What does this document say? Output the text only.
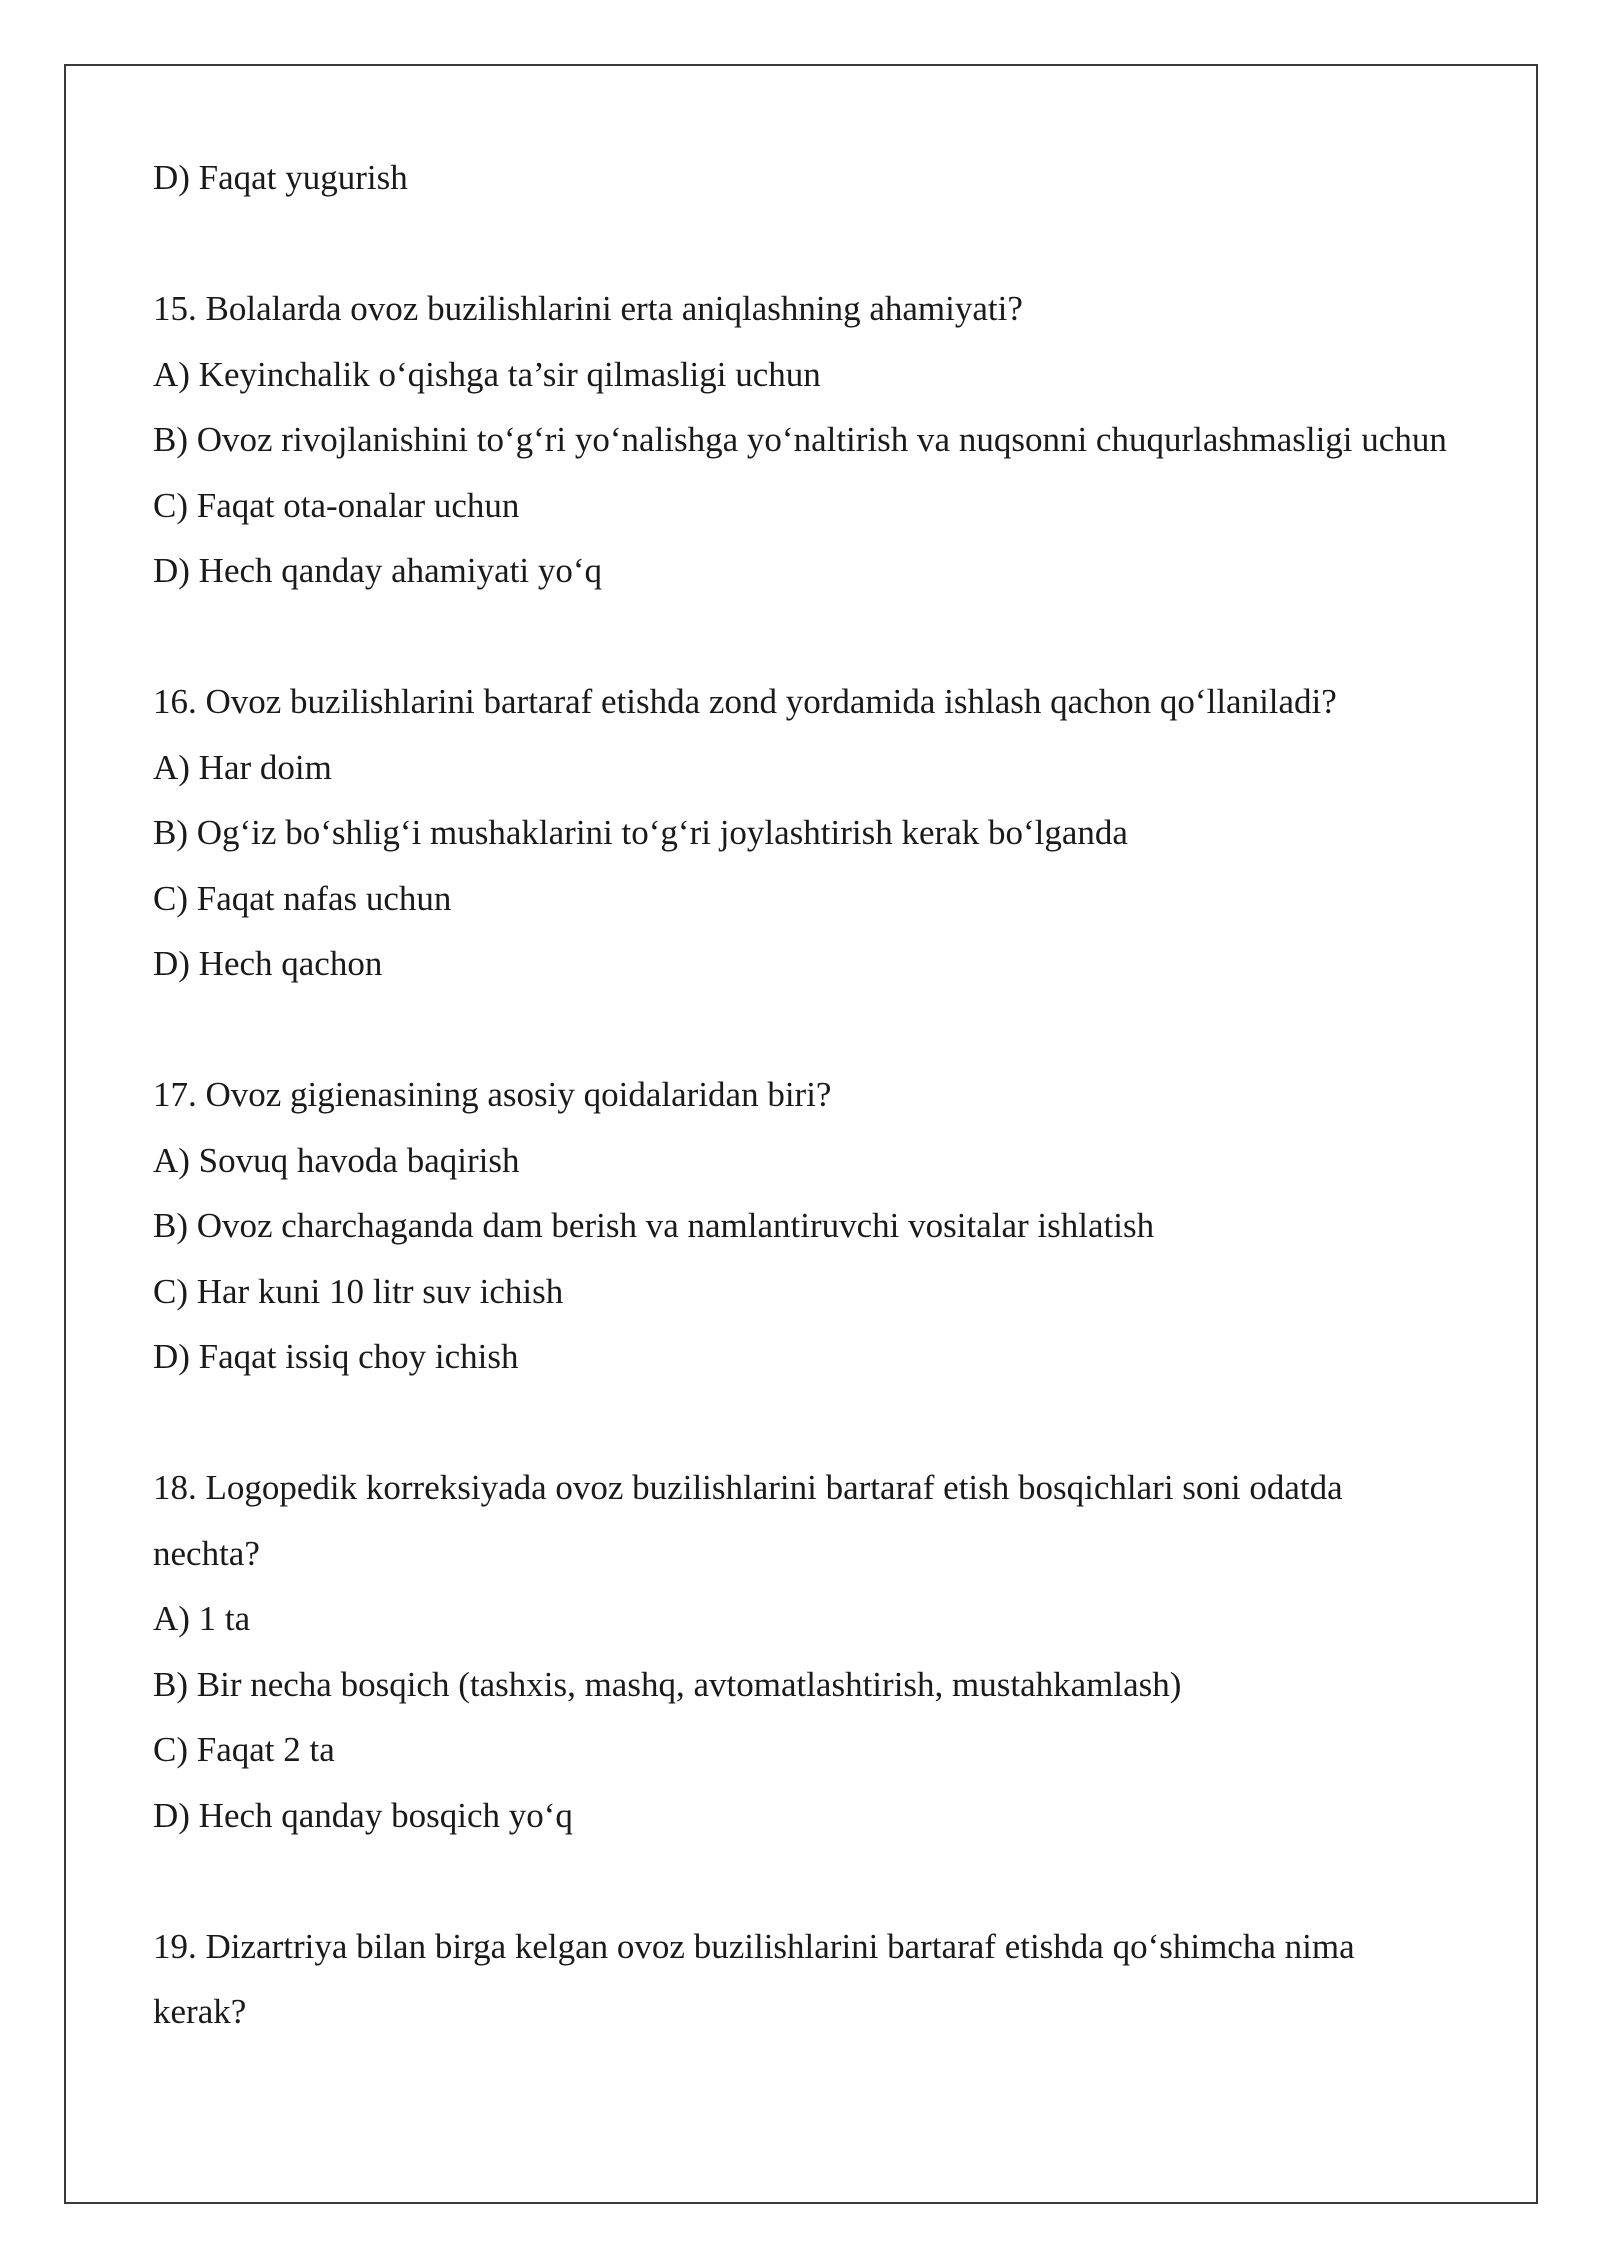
D) Faqat yugurish

15. Bolalarda ovoz buzilishlarini erta aniqlashning ahamiyati?

A) Keyinchalik o‘qishga ta’sir qilmasligi uchun

B) Ovoz rivojlanishini to‘g‘ri yo‘nalishga yo‘naltirish va nuqsonni chuqurlashmasligi uchun

C) Faqat ota-onalar uchun

D) Hech qanday ahamiyati yo‘q

16. Ovoz buzilishlarini bartaraf etishda zond yordamida ishlash qachon qo‘llaniladi?

A) Har doim

B) Og‘iz bo‘shlig‘i mushaklarini to‘g‘ri joylashtirish kerak bo‘lganda

C) Faqat nafas uchun

D) Hech qachon

17. Ovoz gigienasining asosiy qoidalaridan biri?

A) Sovuq havoda baqirish

B) Ovoz charchaganda dam berish va namlantiruvchi vositalar ishlatish

C) Har kuni 10 litr suv ichish

D) Faqat issiq choy ichish

18. Logopedik korreksiyada ovoz buzilishlarini bartaraf etish bosqichlari soni odatda nechta?

A) 1 ta

B) Bir necha bosqich (tashxis, mashq, avtomatlashtirish, mustahkamlash)

C) Faqat 2 ta

D) Hech qanday bosqich yo‘q

19. Dizartriya bilan birga kelgan ovoz buzilishlarini bartaraf etishda qo‘shimcha nima kerak?
